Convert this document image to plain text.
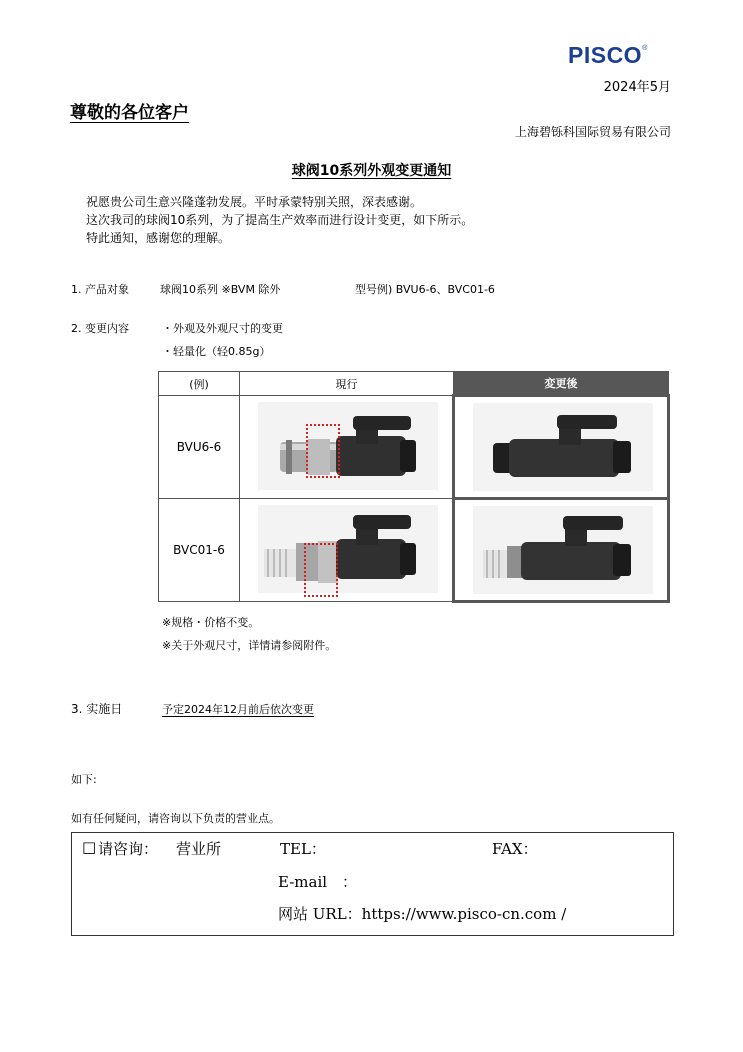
PISCO®
2024年5月
尊敬的各位客户
上海碧铄科国际贸易有限公司
球阀10系列外观变更通知
祝愿贵公司生意兴隆蓬勃发展。平时承蒙特别关照，深表感谢。
这次我司的球阀10系列，为了提高生产效率而进行设计变更，如下所示。
特此通知，感谢您的理解。
1. 产品对象	球阀10系列 ※BVM 除外	型号例) BVU6-6、BVC01-6
2. 变更内容	・外观及外观尺寸的变更
・轻量化（轻0.85g）
(例)	現行	変更後
BVU6-6	

BVC01-6	

※规格・价格不变。
※关于外观尺寸，详情请参阅附件。
3. 实施日	予定2024年12月前后依次变更
如下:
如有任何疑问，请咨询以下负责的营业点。
□ 请咨询： 营业所	TEL：	FAX：
E-mail　：
网站 URL：https://www.pisco-cn.com /
